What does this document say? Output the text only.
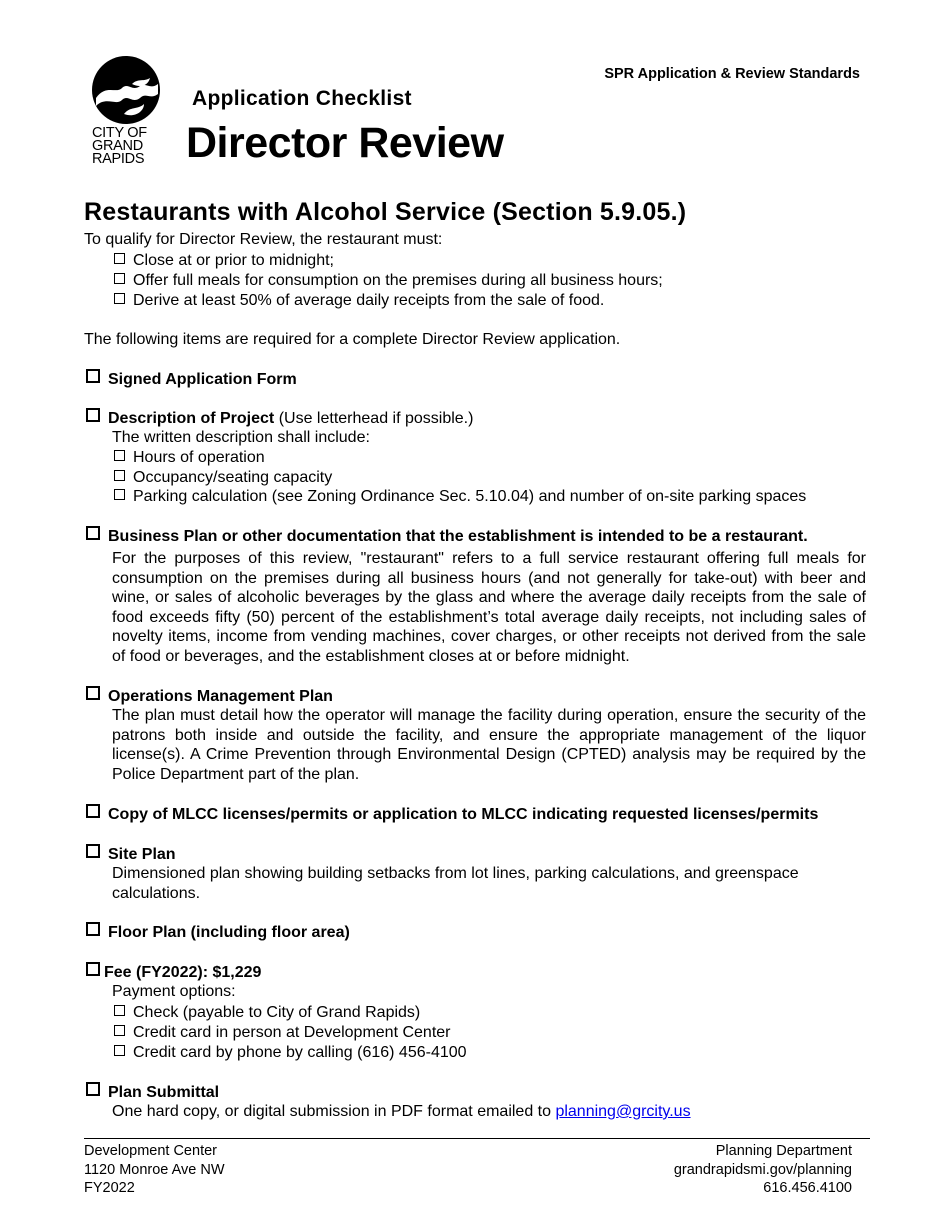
CITY OF
GRAND
RAPIDS
Application Checklist
Director Review
SPR Application & Review Standards
Restaurants with Alcohol Service (Section 5.9.05.)
To qualify for Director Review, the restaurant must:
Close at or prior to midnight;
Offer full meals for consumption on the premises during all business hours;
Derive at least 50% of average daily receipts from the sale of food.
The following items are required for a complete Director Review application.
Signed Application Form
Description of Project (Use letterhead if possible.)
The written description shall include:
Hours of operation
Occupancy/seating capacity
Parking calculation (see Zoning Ordinance Sec. 5.10.04) and number of on-site parking spaces
Business Plan or other documentation that the establishment is intended to be a restaurant.
For the purposes of this review, "restaurant" refers to a full service restaurant offering full meals for consumption on the premises during all business hours (and not generally for take-out) with beer and wine, or sales of alcoholic beverages by the glass and where the average daily receipts from the sale of food exceeds fifty (50) percent of the establishment’s total average daily receipts, not including sales of novelty items, income from vending machines, cover charges, or other receipts not derived from the sale of food or beverages, and the establishment closes at or before midnight.
Operations Management Plan
The plan must detail how the operator will manage the facility during operation, ensure the security of the patrons both inside and outside the facility, and ensure the appropriate management of the liquor license(s). A Crime Prevention through Environmental Design (CPTED) analysis may be required by the Police Department part of the plan.
Copy of MLCC licenses/permits or application to MLCC indicating requested licenses/permits
Site Plan
Dimensioned plan showing building setbacks from lot lines, parking calculations, and greenspace calculations.
Floor Plan (including floor area)
Fee (FY2022): $1,229
Payment options:
Check (payable to City of Grand Rapids)
Credit card in person at Development Center
Credit card by phone by calling (616) 456-4100
Plan Submittal
One hard copy, or digital submission in PDF format emailed to planning@grcity.us
Development Center
1120 Monroe Ave NW
FY2022
Planning Department
grandrapidsmi.gov/planning
616.456.4100
